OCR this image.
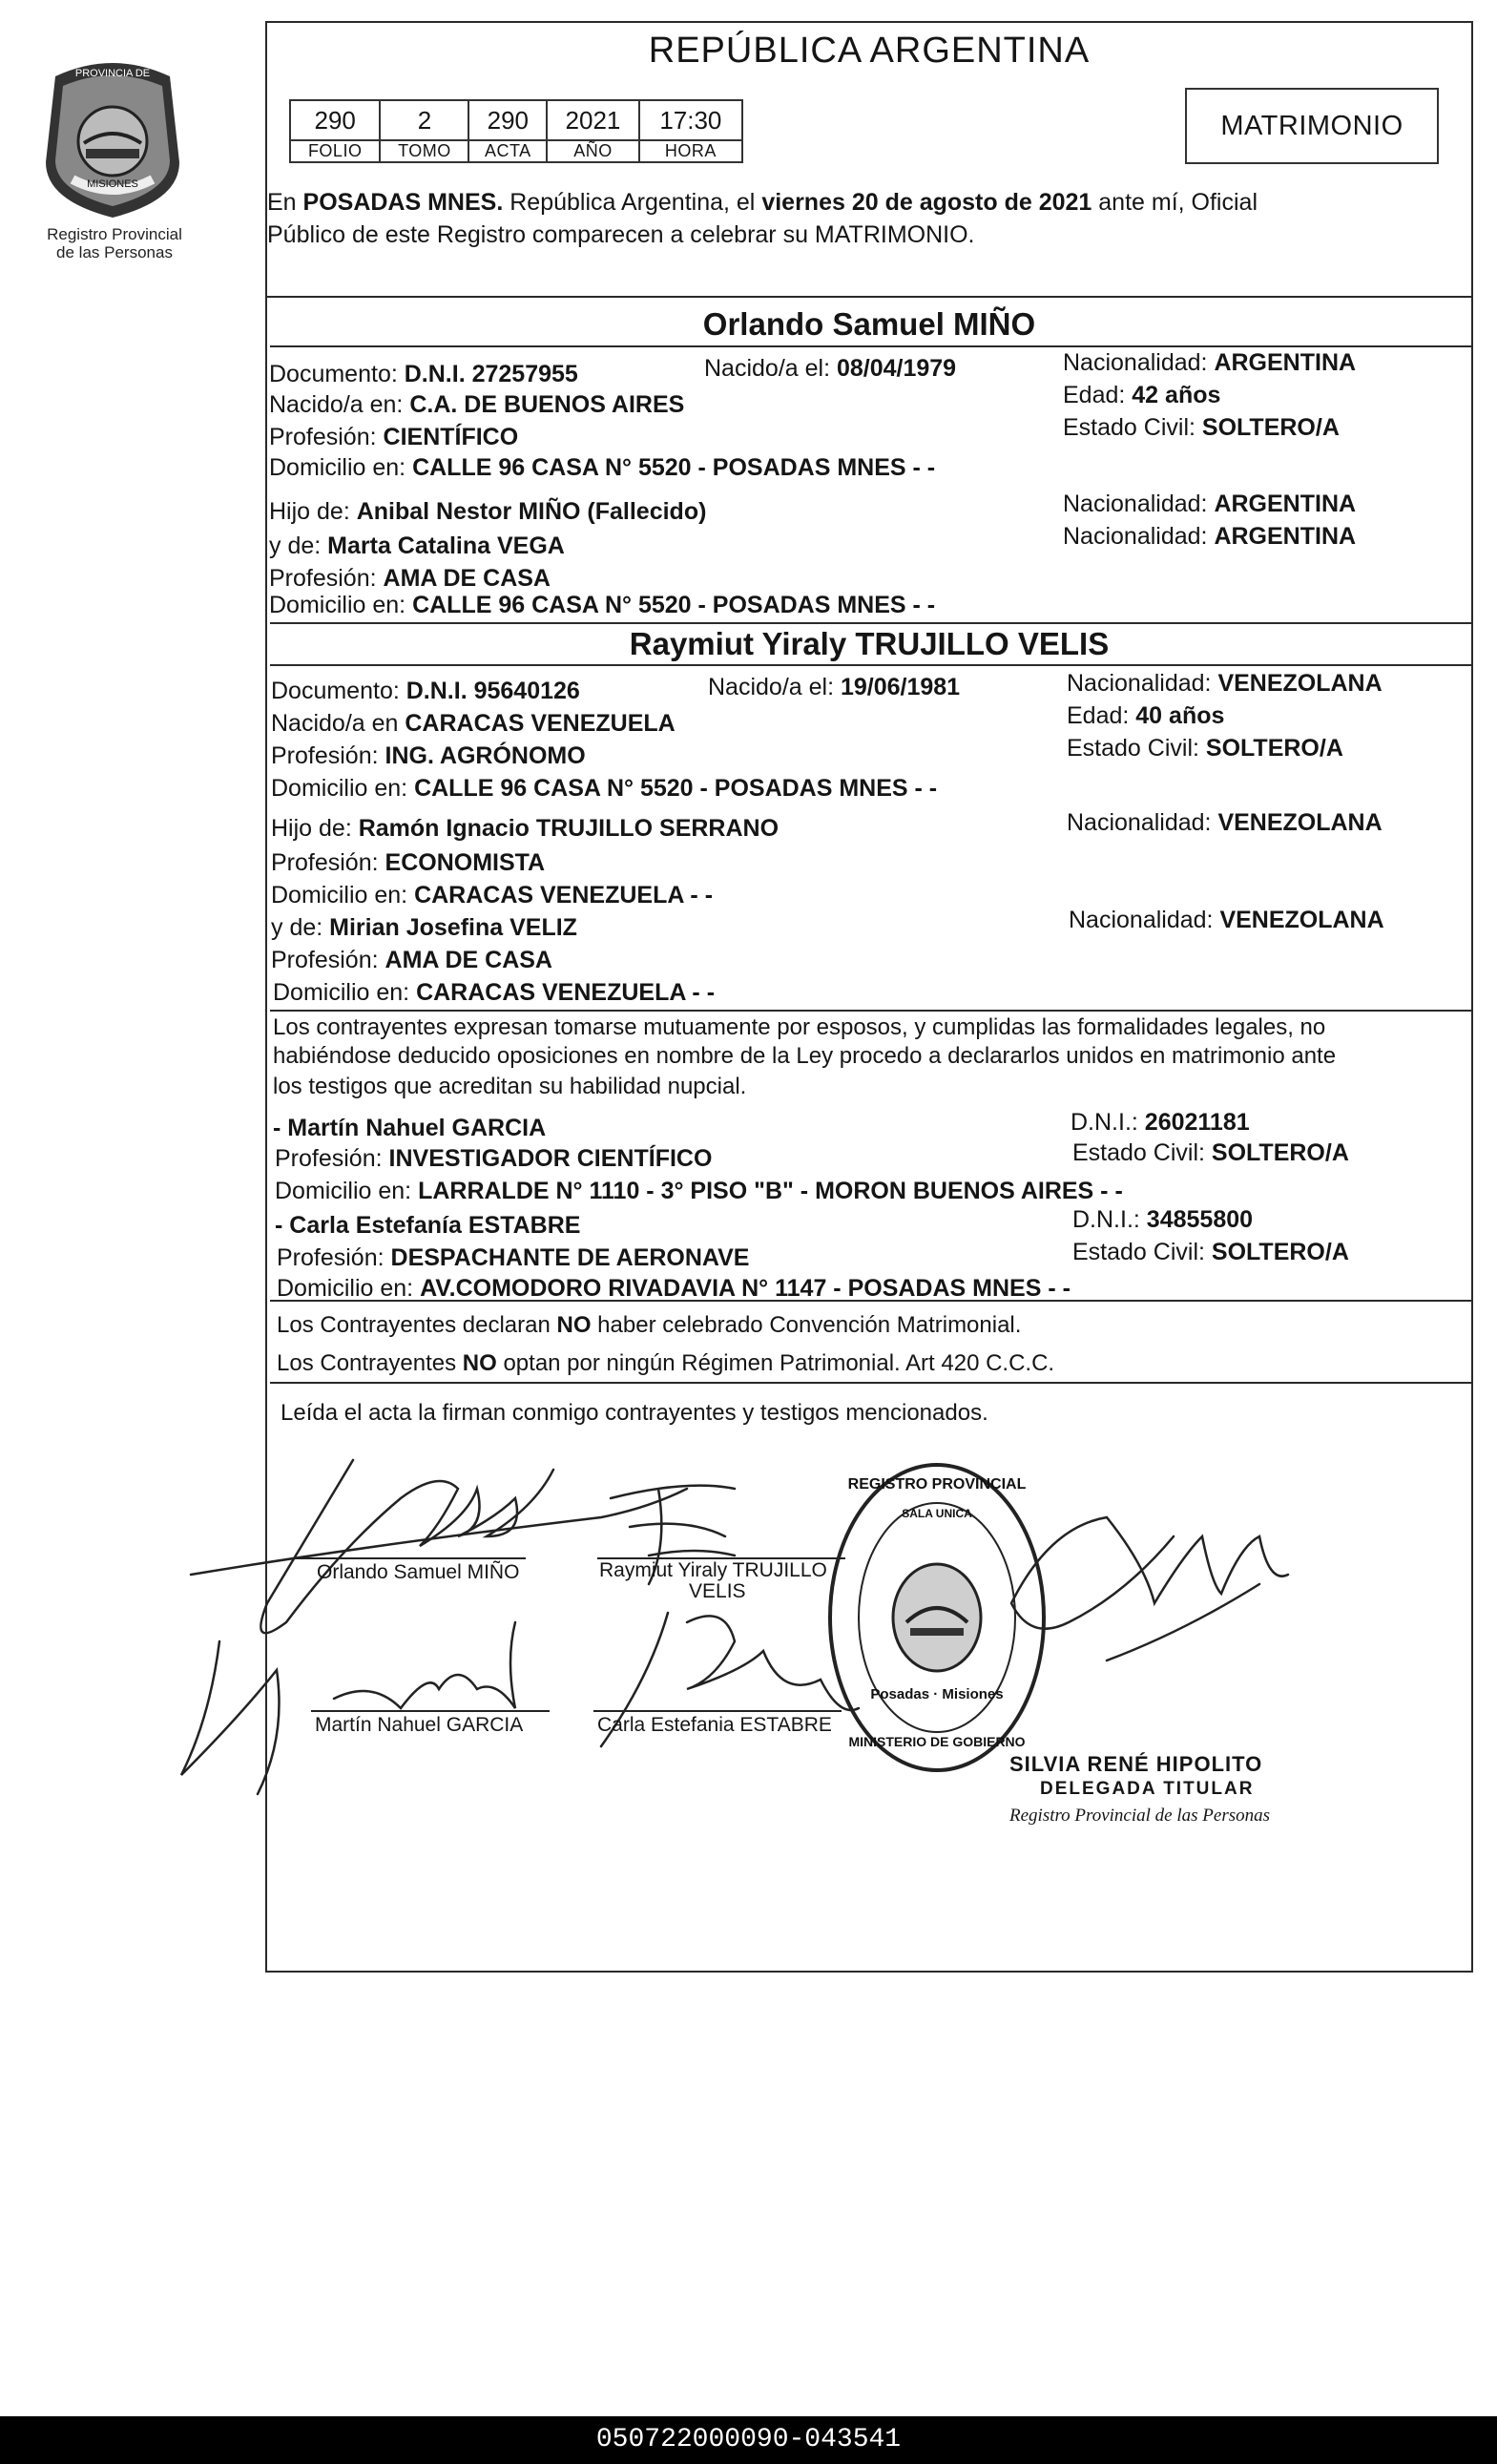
PROVINCIA DE
MISIONES
Registro Provincial
de las Personas
REPÚBLICA ARGENTINA
290	2	290	2021	17:30
FOLIO	TOMO	ACTA	AÑO	HORA
MATRIMONIO
En POSADAS MNES. República Argentina, el viernes 20 de agosto de 2021 ante mí, Oficial
Público de este Registro comparecen a celebrar su MATRIMONIO.
Orlando Samuel MIÑO
Documento: D.N.I. 27257955	Nacido/a el: 08/04/1979	Nacionalidad: ARGENTINA
Nacido/a en: C.A. DE BUENOS AIRES	Edad: 42 años
Profesión: CIENTÍFICO	Estado Civil: SOLTERO/A
Domicilio en: CALLE 96 CASA N° 5520 - POSADAS MNES - -
Hijo de: Anibal Nestor MIÑO (Fallecido)	Nacionalidad: ARGENTINA
y de: Marta Catalina VEGA	Nacionalidad: ARGENTINA
Profesión: AMA DE CASA
Domicilio en: CALLE 96 CASA N° 5520 - POSADAS MNES - -
Raymiut Yiraly TRUJILLO VELIS
Documento: D.N.I. 95640126	Nacido/a el: 19/06/1981	Nacionalidad: VENEZOLANA
Nacido/a en CARACAS VENEZUELA	Edad: 40 años
Profesión: ING. AGRÓNOMO	Estado Civil: SOLTERO/A
Domicilio en: CALLE 96 CASA N° 5520 - POSADAS MNES - -
Hijo de: Ramón Ignacio TRUJILLO SERRANO	Nacionalidad: VENEZOLANA
Profesión: ECONOMISTA
Domicilio en: CARACAS VENEZUELA - -
y de: Mirian Josefina VELIZ	Nacionalidad: VENEZOLANA
Profesión: AMA DE CASA
Domicilio en: CARACAS VENEZUELA - -
Los contrayentes expresan tomarse mutuamente por esposos, y cumplidas las formalidades legales, no
habiéndose deducido oposiciones en nombre de la Ley procedo a declararlos unidos en matrimonio ante
los testigos que acreditan su habilidad nupcial.
- Martín Nahuel GARCIA	D.N.I.: 26021181
Profesión: INVESTIGADOR CIENTÍFICO	Estado Civil: SOLTERO/A
Domicilio en: LARRALDE N° 1110 - 3° PISO "B" - MORON BUENOS AIRES - -
- Carla Estefanía ESTABRE	D.N.I.: 34855800
Profesión: DESPACHANTE DE AERONAVE	Estado Civil: SOLTERO/A
Domicilio en: AV.COMODORO RIVADAVIA N° 1147 - POSADAS MNES - -
Los Contrayentes declaran NO haber celebrado Convención Matrimonial.
Los Contrayentes NO optan por ningún Régimen Patrimonial. Art 420 C.C.C.
Leída el acta la firman conmigo contrayentes y testigos mencionados.
Orlando Samuel MIÑO	Raymiut Yiraly TRUJILLO
VELIS
Martín Nahuel GARCIA	Carla Estefania ESTABRE
REGISTRO PROVINCIAL
SALA UNICA
Posadas · Misiones
MINISTERIO DE GOBIERNO
SILVIA RENÉ HIPOLITO
DELEGADA TITULAR
Registro Provincial de las Personas
050722000090-043541
